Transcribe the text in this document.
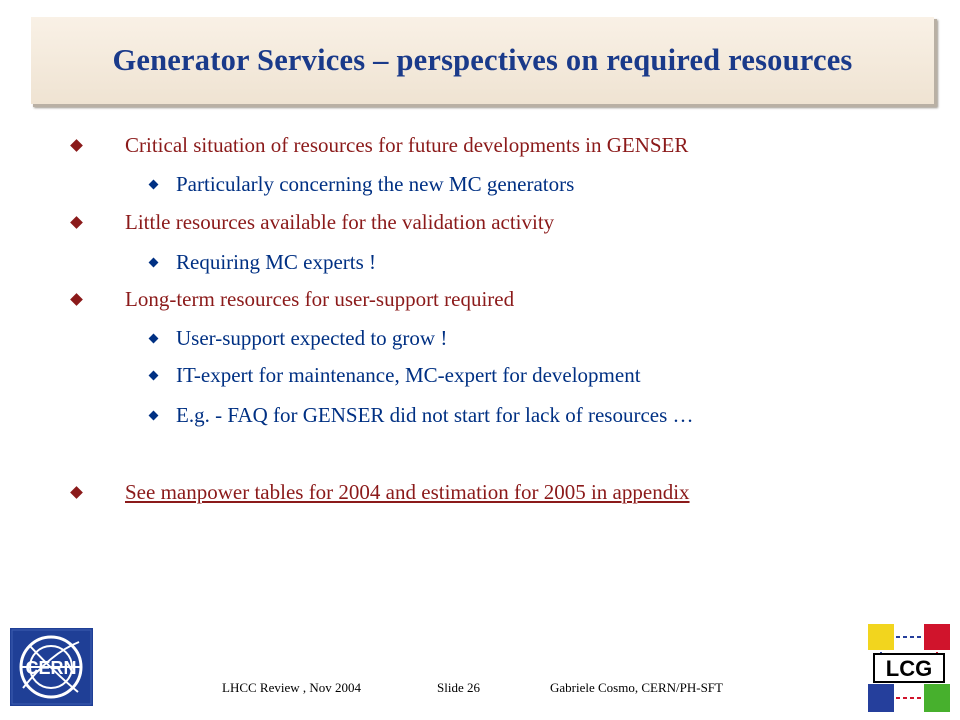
Generator Services – perspectives on required resources
Critical situation of resources for future developments in GENSER
Particularly concerning the new MC generators
Little resources available for the validation activity
Requiring MC experts !
Long-term resources for user-support required
User-support expected to grow !
IT-expert for maintenance, MC-expert for development
E.g. - FAQ for GENSER did not start for lack of resources …
See manpower tables for 2004 and estimation for 2005 in appendix
CERN	LCG
LHCC Review , Nov 2004	Slide 26	Gabriele Cosmo, CERN/PH-SFT
